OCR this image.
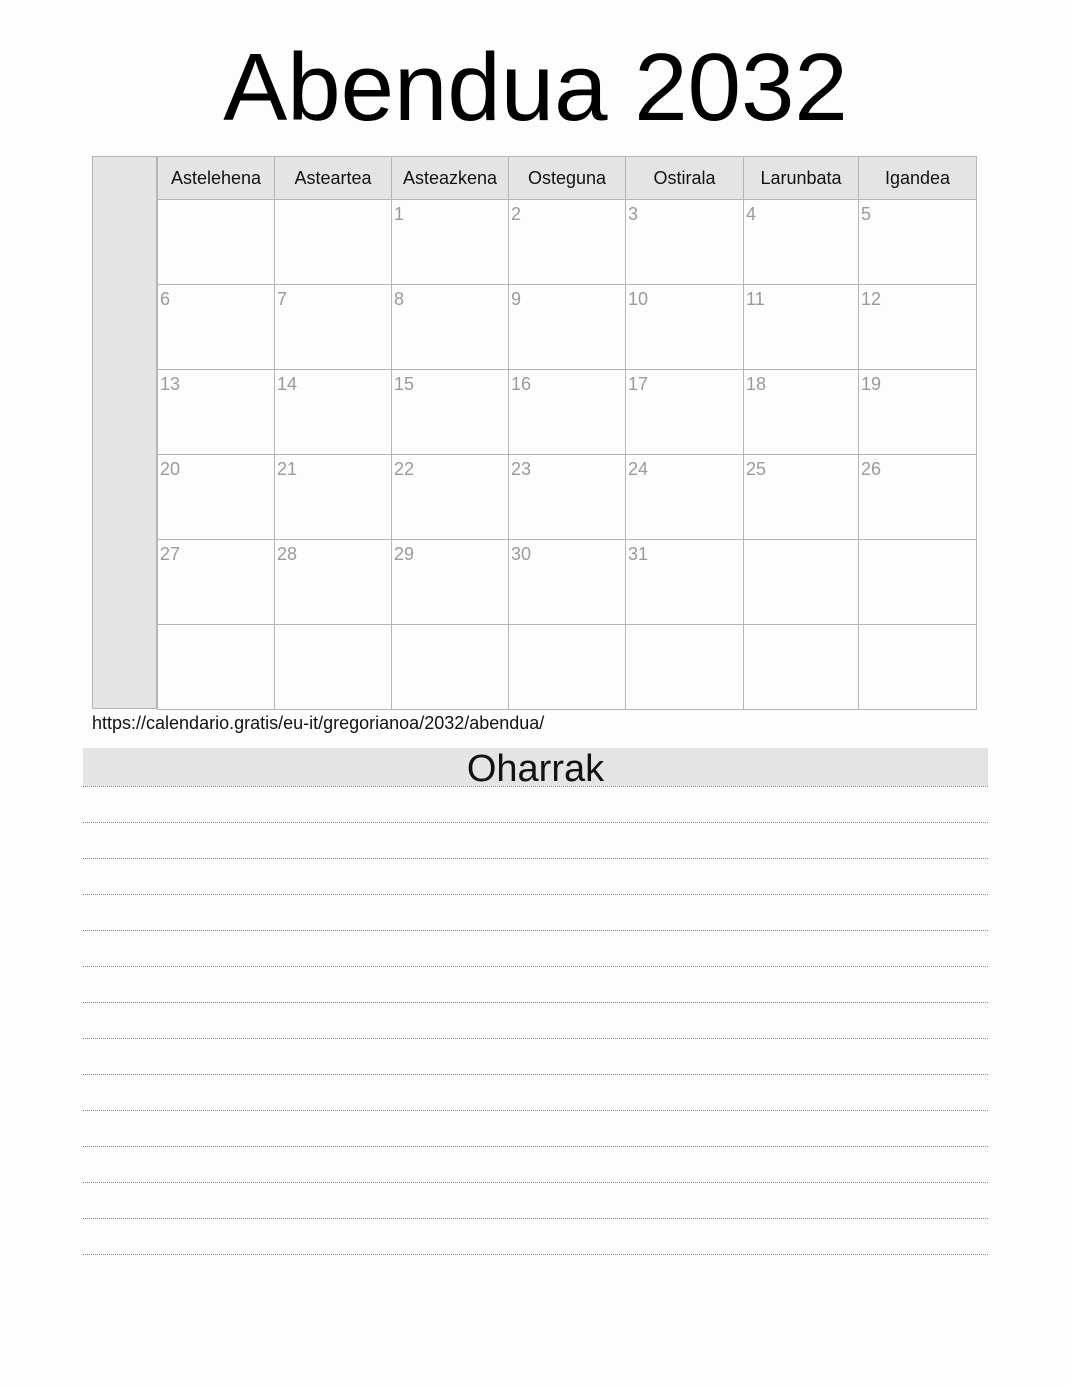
Abendua 2032
Astelehena	Asteartea	Asteazkena	Osteguna	Ostirala	Larunbata	Igandea

		1	2	3	4	5

6	7	8	9	10	11	12

13	14	15	16	17	18	19

20	21	22	23	24	25	26

27	28	29	30	31		

https://calendario.gratis/eu-it/gregorianoa/2032/abendua/
Oharrak
